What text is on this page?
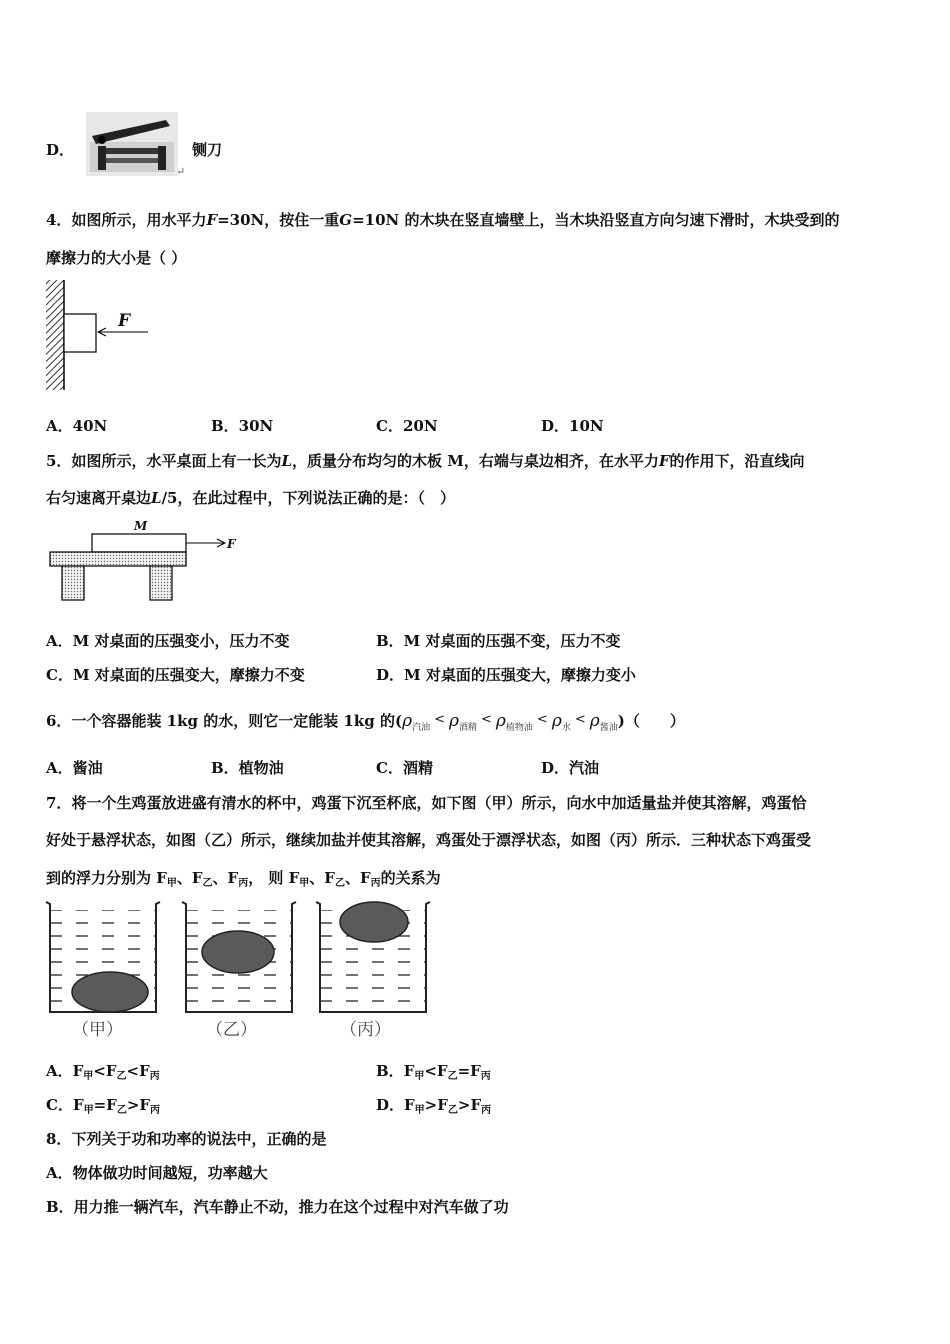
D．	铡刀
↵
4．如图所示，用水平力F=30N，按住一重G=10N 的木块在竖直墙壁上，当木块沿竖直方向匀速下滑时，木块受到的
摩擦力的大小是（ ）
F
A．40N	B．30N	C．20N	D．10N
5．如图所示，水平桌面上有一长为L，质量分布均匀的木板 M，右端与桌边相齐，在水平力F的作用下，沿直线向
右匀速离开桌边L/5，在此过程中，下列说法正确的是：（　）
M
F
A．M 对桌面的压强变小，压力不变	B．M 对桌面的压强不变，压力不变
C．M 对桌面的压强变大，摩擦力不变	D．M 对桌面的压强变大，摩擦力变小
6．一个容器能装 1kg 的水，则它一定能装 1kg 的$(\rho_{汽油}< \rho_{酒精}< \rho_{植物油}< \rho_水< \rho_{酱油})$（　　）
A．酱油	B．植物油	C．酒精	D．汽油
7．将一个生鸡蛋放进盛有清水的杯中，鸡蛋下沉至杯底，如下图（甲）所示，向水中加适量盐并使其溶解，鸡蛋恰
好处于悬浮状态，如图（乙）所示，继续加盐并使其溶解，鸡蛋处于漂浮状态，如图（丙）所示．三种状态下鸡蛋受
到的浮力分别为 $F_甲$、$F_乙$、$F_丙$， 则 $F_甲$、$F_乙$、$F_丙$的关系为
（甲）	（乙）	（丙）
A．$F_甲<F_乙<F_丙$	B．$F_甲<F_乙=F_丙$
C．$F_甲=F_乙>F_丙$	D．$F_甲>F_乙>F_丙$
8．下列关于功和功率的说法中，正确的是
A．物体做功时间越短，功率越大
B．用力推一辆汽车，汽车静止不动，推力在这个过程中对汽车做了功
